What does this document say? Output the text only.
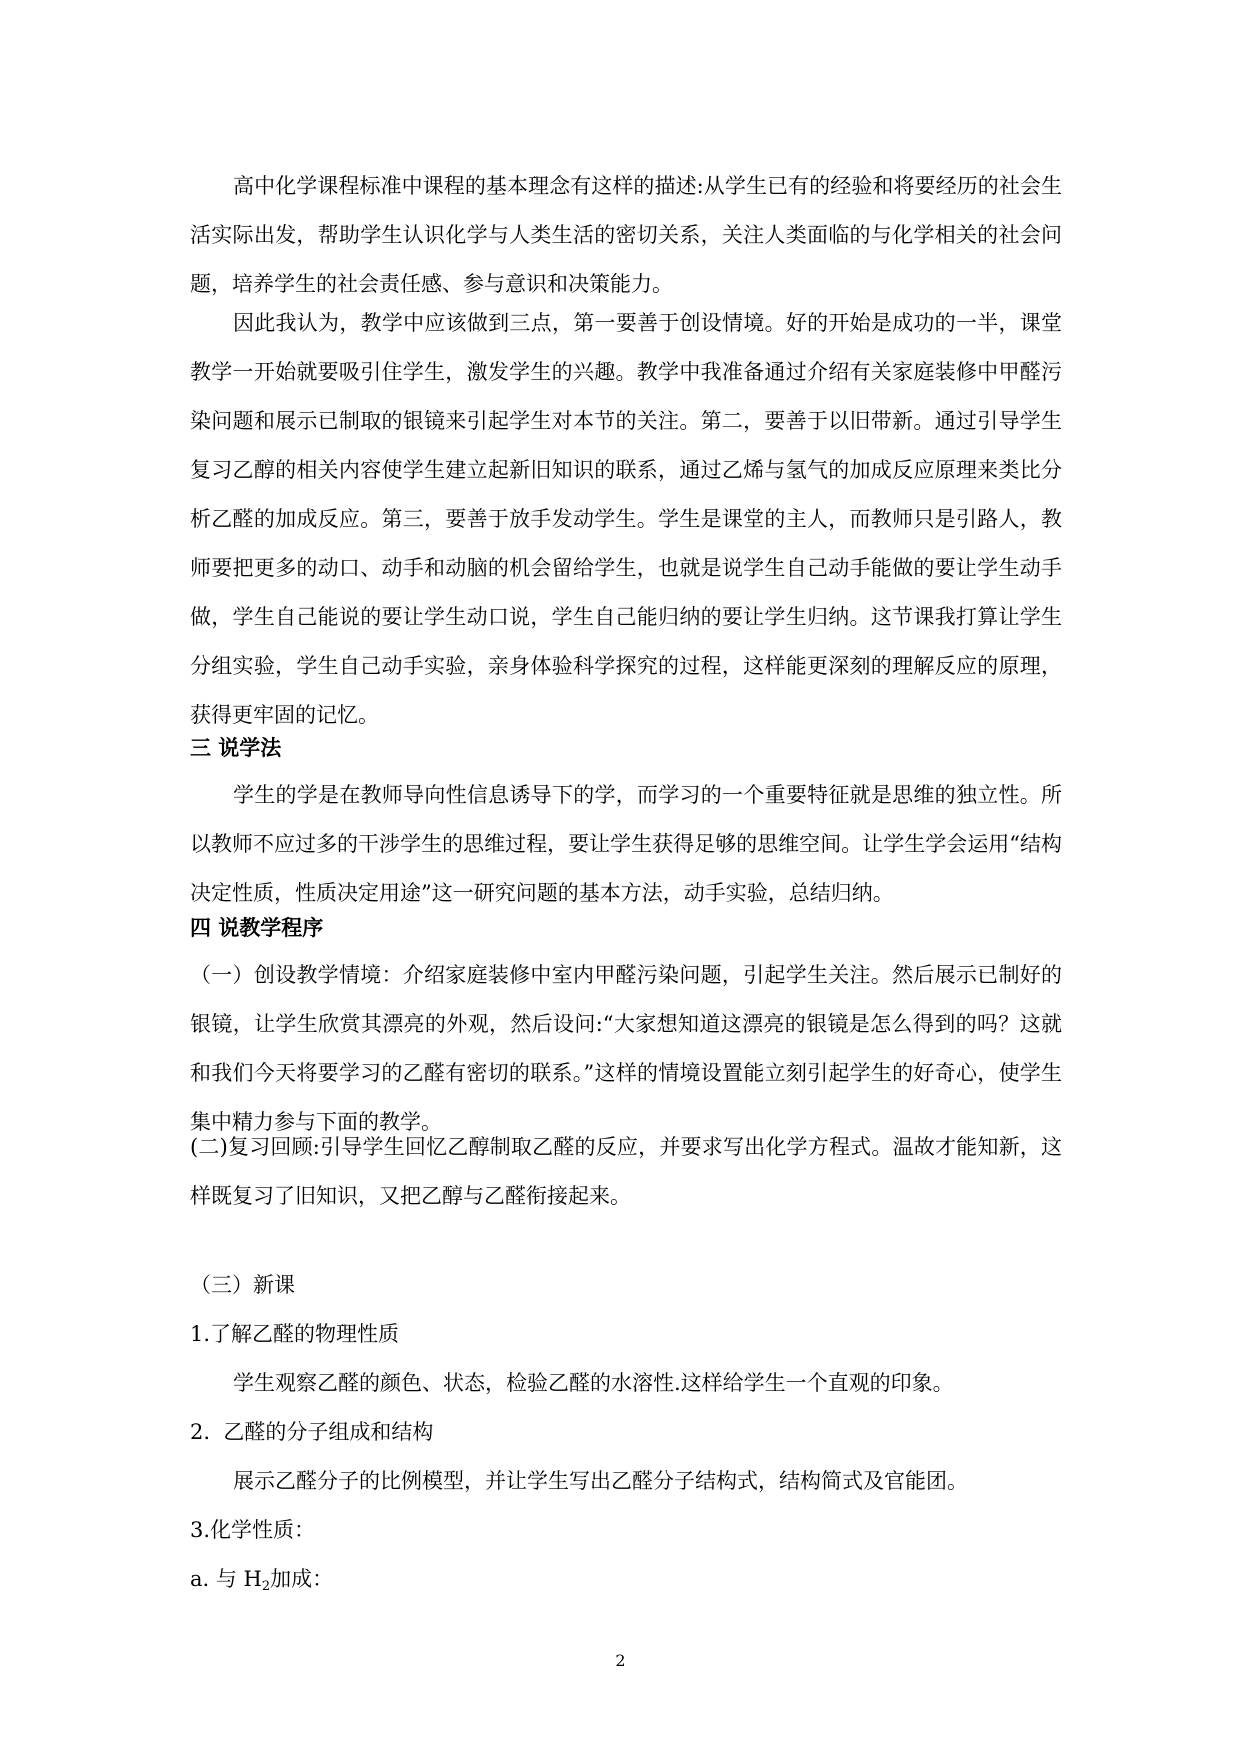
高中化学课程标准中课程的基本理念有这样的描述:从学生已有的经验和将要经历的社会生活实际出发，帮助学生认识化学与人类生活的密切关系，关注人类面临的与化学相关的社会问题，培养学生的社会责任感、参与意识和决策能力。

因此我认为，教学中应该做到三点，第一要善于创设情境。好的开始是成功的一半，课堂教学一开始就要吸引住学生，激发学生的兴趣。教学中我准备通过介绍有关家庭装修中甲醛污染问题和展示已制取的银镜来引起学生对本节的关注。第二，要善于以旧带新。通过引导学生复习乙醇的相关内容使学生建立起新旧知识的联系，通过乙烯与氢气的加成反应原理来类比分析乙醛的加成反应。第三，要善于放手发动学生。学生是课堂的主人，而教师只是引路人，教师要把更多的动口、动手和动脑的机会留给学生，也就是说学生自己动手能做的要让学生动手做，学生自己能说的要让学生动口说，学生自己能归纳的要让学生归纳。这节课我打算让学生分组实验，学生自己动手实验，亲身体验科学探究的过程，这样能更深刻的理解反应的原理，获得更牢固的记忆。

三 说学法

学生的学是在教师导向性信息诱导下的学，而学习的一个重要特征就是思维的独立性。所以教师不应过多的干涉学生的思维过程，要让学生获得足够的思维空间。让学生学会运用“结构决定性质，性质决定用途”这一研究问题的基本方法，动手实验，总结归纳。

四 说教学程序

（一）创设教学情境：介绍家庭装修中室内甲醛污染问题，引起学生关注。然后展示已制好的银镜，让学生欣赏其漂亮的外观，然后设问:“大家想知道这漂亮的银镜是怎么得到的吗？这就和我们今天将要学习的乙醛有密切的联系。”这样的情境设置能立刻引起学生的好奇心，使学生集中精力参与下面的教学。

(二)复习回顾:引导学生回忆乙醇制取乙醛的反应，并要求写出化学方程式。温故才能知新，这样既复习了旧知识，又把乙醇与乙醛衔接起来。

（三）新课
1.了解乙醛的物理性质
学生观察乙醛的颜色、状态，检验乙醛的水溶性.这样给学生一个直观的印象。
2.  乙醛的分子组成和结构
展示乙醛分子的比例模型，并让学生写出乙醛分子结构式，结构简式及官能团。
3.化学性质：
a. 与 $H_2$加成：
2
